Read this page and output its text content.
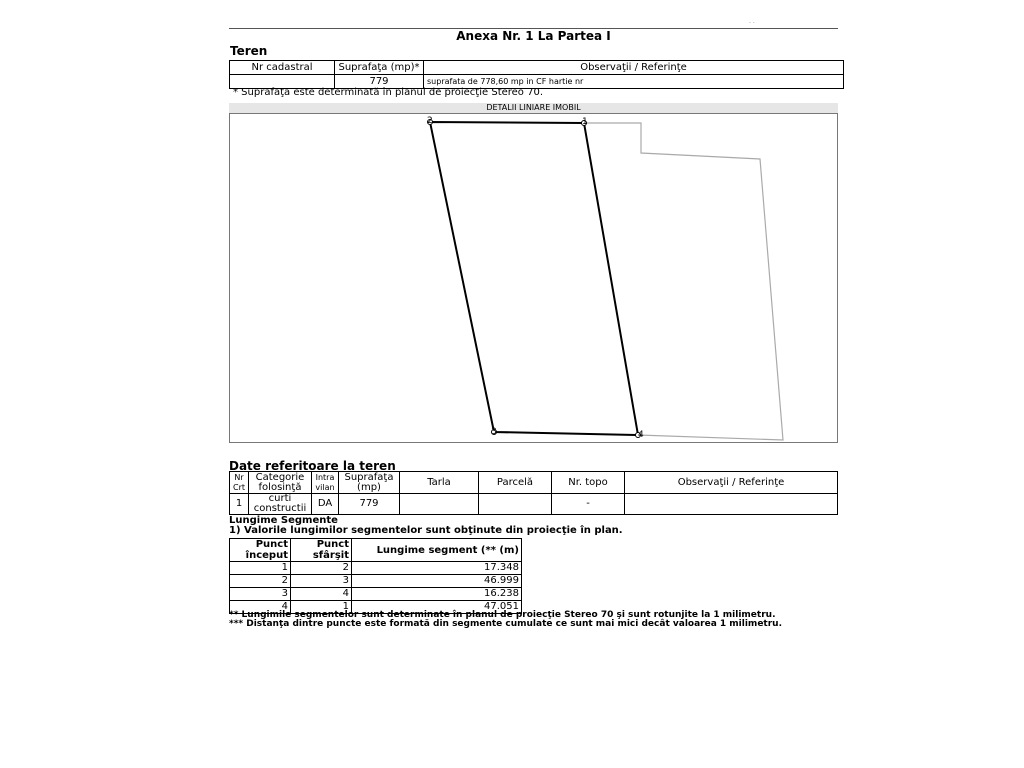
· ·
Anexa Nr. 1 La Partea I
Teren
Nr cadastral	Suprafaţa (mp)*	Observaţii / Referinţe
	779	suprafata de 778,60 mp in CF hartie nr
* Suprafaţa este determinată în planul de proiecţie Stereo 70.
DETALII LINIARE IMOBIL
1
2
3	4
Date referitoare la teren
Nr Crt	Categorie folosinţă	Intra vilan	Suprafaţa (mp)	Tarla	Parcelă	Nr. topo	Observaţii / Referinţe
1	curti constructii	DA	779			-	
Lungime Segmente
1) Valorile lungimilor segmentelor sunt obţinute din proiecţie în plan.
Punct început	Punct sfârşit	Lungime segment (** (m)
1	2	17.348
2	3	46.999
3	4	16.238
4	1	47.051
** Lungimile segmentelor sunt determinate în planul de proiecţie Stereo 70 şi sunt rotunjite la 1 milimetru.
*** Distanţa dintre puncte este formată din segmente cumulate ce sunt mai mici decât valoarea 1 milimetru.
